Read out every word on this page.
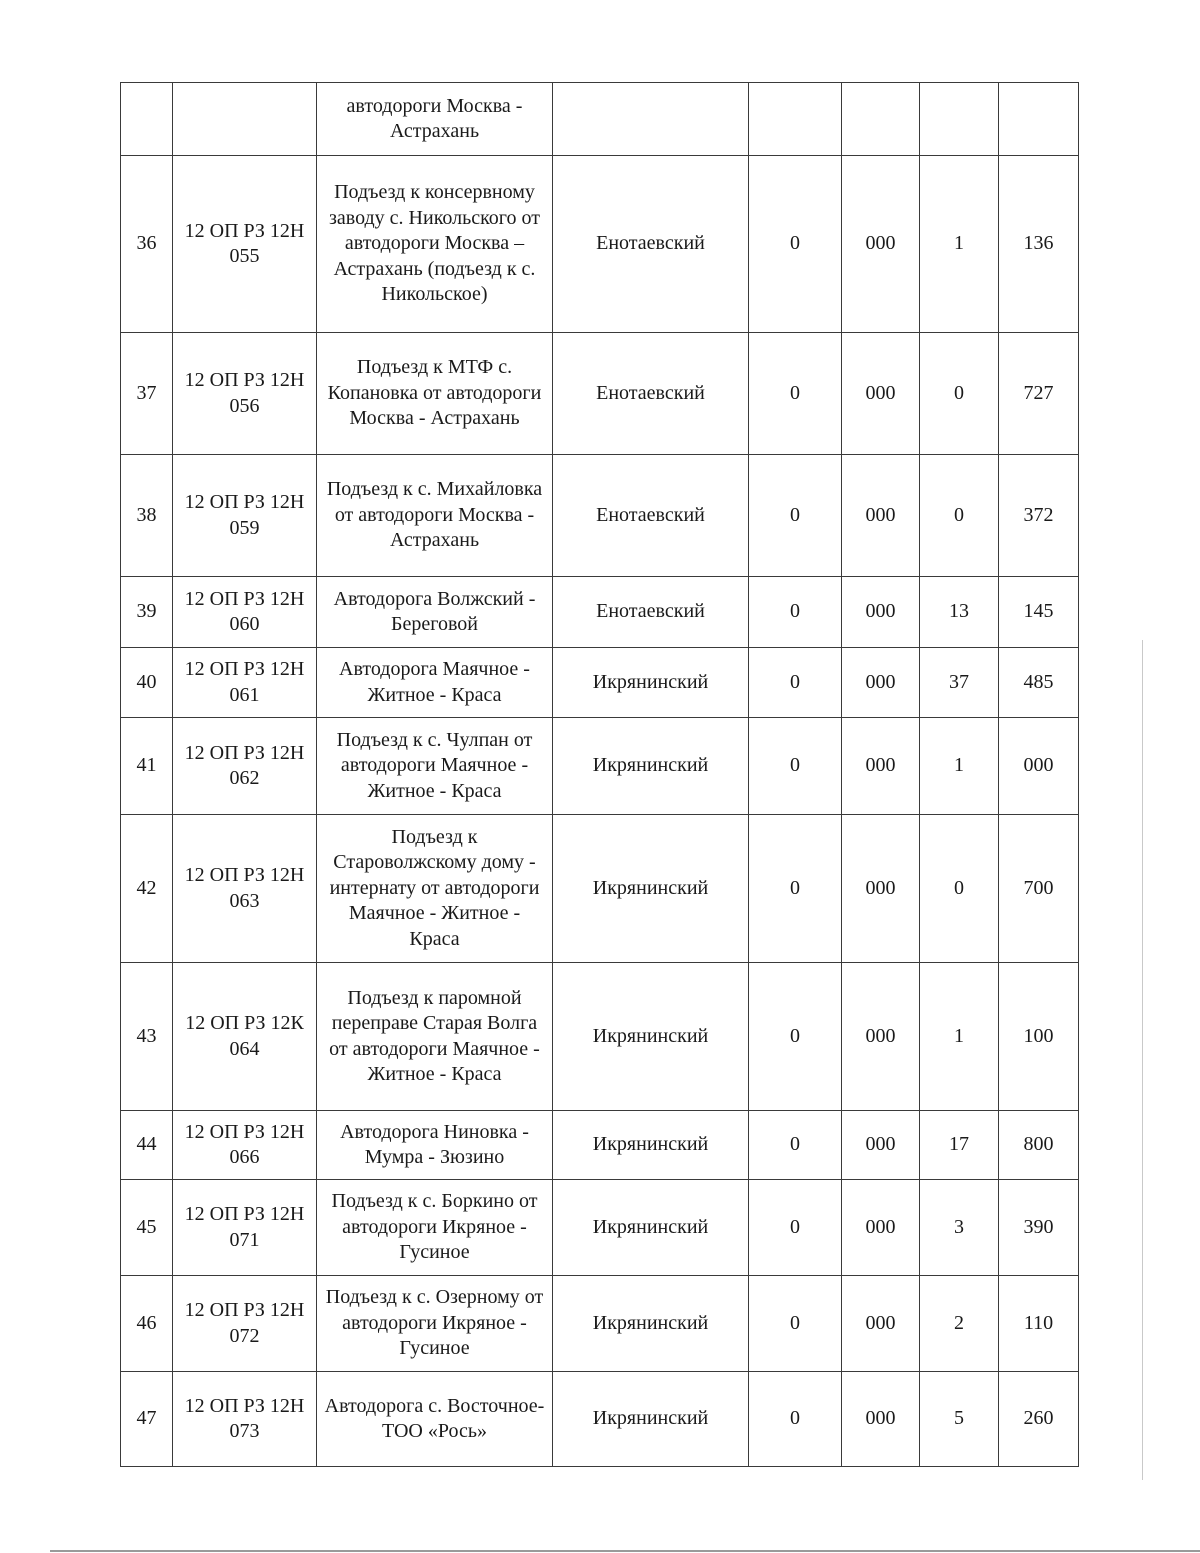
		автодороги Москва - Астрахань					
36	12 ОП РЗ 12Н 055	Подъезд к консервному заводу с. Никольского от автодороги Москва – Астрахань (подъезд к с. Никольское)	Енотаевский	0	000	1	136
37	12 ОП РЗ 12Н 056	Подъезд к МТФ с. Копановка от автодороги Москва - Астрахань	Енотаевский	0	000	0	727
38	12 ОП РЗ 12Н 059	Подъезд к с. Михайловка от автодороги Москва - Астрахань	Енотаевский	0	000	0	372
39	12 ОП РЗ 12Н 060	Автодорога Волжский - Береговой	Енотаевский	0	000	13	145
40	12 ОП РЗ 12Н 061	Автодорога Маячное - Житное - Краса	Икрянинский	0	000	37	485
41	12 ОП РЗ 12Н 062	Подъезд к с. Чулпан от автодороги Маячное - Житное - Краса	Икрянинский	0	000	1	000
42	12 ОП РЗ 12Н 063	Подъезд к Староволжскому дому - интернату от автодороги Маячное - Житное - Краса	Икрянинский	0	000	0	700
43	12 ОП РЗ 12К 064	Подъезд к паромной переправе Старая Волга от автодороги Маячное - Житное - Краса	Икрянинский	0	000	1	100
44	12 ОП РЗ 12Н 066	Автодорога Ниновка - Мумра - Зюзино	Икрянинский	0	000	17	800
45	12 ОП РЗ 12Н 071	Подъезд к с. Боркино от автодороги Икряное - Гусиное	Икрянинский	0	000	3	390
46	12 ОП РЗ 12Н 072	Подъезд к с. Озерному от автодороги Икряное - Гусиное	Икрянинский	0	000	2	110
47	12 ОП РЗ 12Н 073	Автодорога с. Восточное-ТОО «Рось»	Икрянинский	0	000	5	260
